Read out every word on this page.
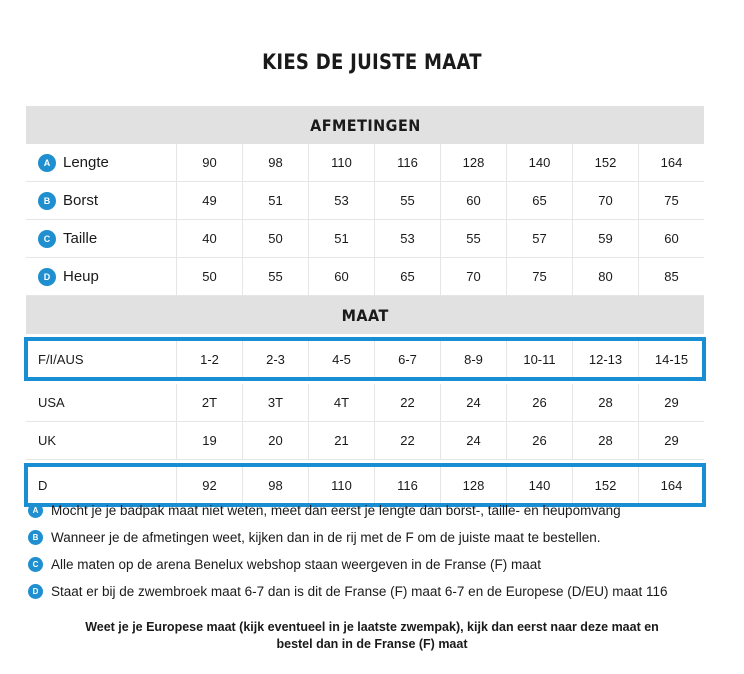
KIES DE JUISTE MAAT
AFMETINGEN
A Lengte	90	98	110	116	128	140	152	164
B Borst	49	51	53	55	60	65	70	75
C Taille	40	50	51	53	55	57	59	60
D Heup	50	55	60	65	70	75	80	85
MAAT
F/I/AUS	1-2	2-3	4-5	6-7	8-9	10-11	12-13	14-15
USA	2T	3T	4T	22	24	26	28	29
UK	19	20	21	22	24	26	28	29
D	92	98	110	116	128	140	152	164
A Mocht je je badpak maat niet weten, meet dan eerst je lengte dan borst-, taille- en heupomvang
B Wanneer je de afmetingen weet, kijken dan in de rij met de F om de juiste maat te bestellen.
C Alle maten op de arena Benelux webshop staan weergeven in de Franse (F) maat
D Staat er bij de zwembroek maat 6-7 dan is dit de Franse (F) maat 6-7 en de Europese (D/EU) maat 116
Weet je je Europese maat (kijk eventueel in je laatste zwempak), kijk dan eerst naar deze maat en
bestel dan in de Franse (F) maat
